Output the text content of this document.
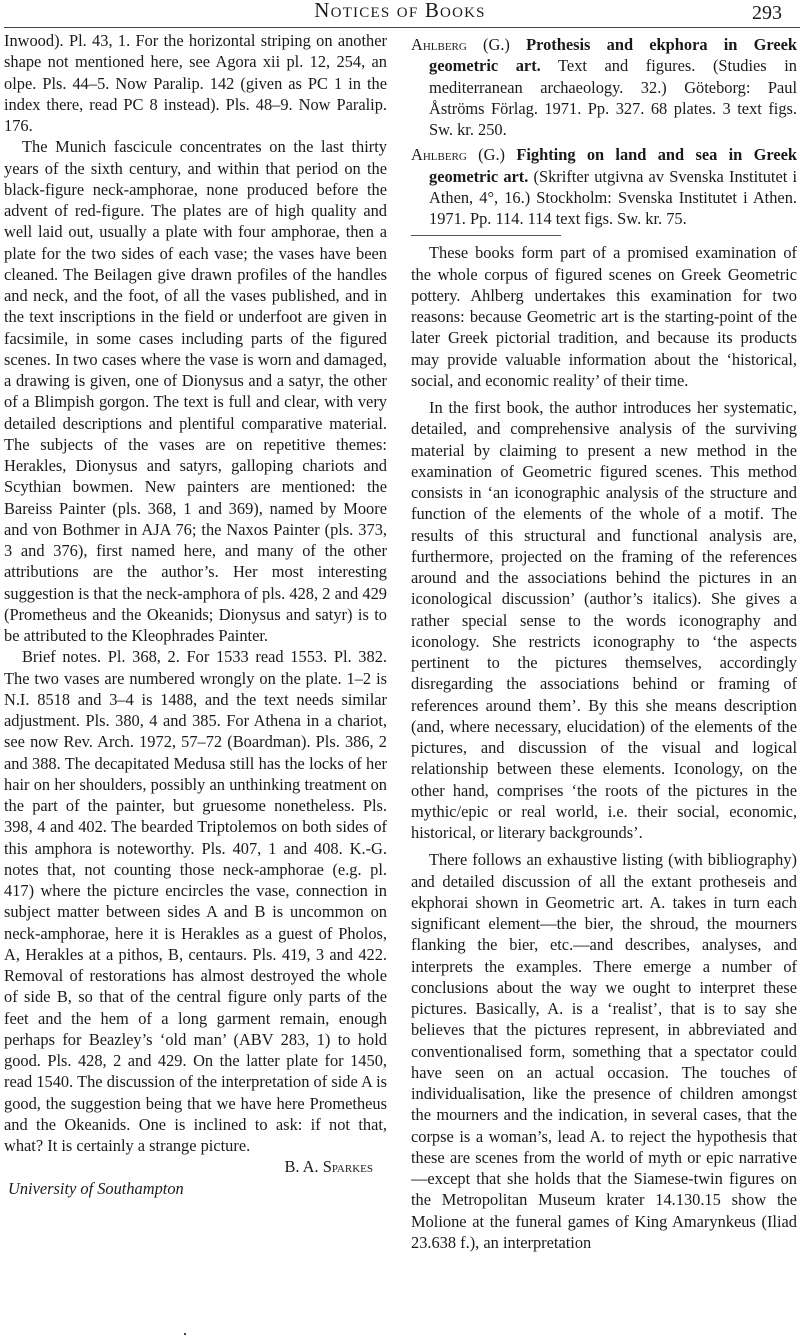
Notices of Books	293

Inwood). Pl. 43, 1. For the horizontal striping on another shape not mentioned here, see Agora xii pl. 12, 254, an olpe. Pls. 44–5. Now Paralip. 142 (given as PC 1 in the index there, read PC 8 instead). Pls. 48–9. Now Paralip. 176.

The Munich fascicule concentrates on the last thirty years of the sixth century, and within that period on the black-figure neck-amphorae, none produced before the advent of red-figure. The plates are of high quality and well laid out, usually a plate with four amphorae, then a plate for the two sides of each vase; the vases have been cleaned. The Beilagen give drawn profiles of the handles and neck, and the foot, of all the vases published, and in the text inscriptions in the field or underfoot are given in facsimile, in some cases including parts of the figured scenes. In two cases where the vase is worn and damaged, a drawing is given, one of Dionysus and a satyr, the other of a Blimpish gorgon. The text is full and clear, with very detailed descriptions and plentiful comparative material. The subjects of the vases are on repetitive themes: Herakles, Dionysus and satyrs, galloping chariots and Scythian bowmen. New painters are mentioned: the Bareiss Painter (pls. 368, 1 and 369), named by Moore and von Bothmer in AJA 76; the Naxos Painter (pls. 373, 3 and 376), first named here, and many of the other attributions are the author’s. Her most interesting suggestion is that the neck-amphora of pls. 428, 2 and 429 (Prometheus and the Okeanids; Dionysus and satyr) is to be attributed to the Kleophrades Painter.

Brief notes. Pl. 368, 2. For 1533 read 1553. Pl. 382. The two vases are numbered wrongly on the plate. 1–2 is N.I. 8518 and 3–4 is 1488, and the text needs similar adjustment. Pls. 380, 4 and 385. For Athena in a chariot, see now Rev. Arch. 1972, 57–72 (Boardman). Pls. 386, 2 and 388. The decapitated Medusa still has the locks of her hair on her shoulders, possibly an unthinking treatment on the part of the painter, but gruesome nonetheless. Pls. 398, 4 and 402. The bearded Triptolemos on both sides of this amphora is noteworthy. Pls. 407, 1 and 408. K.-G. notes that, not counting those neck-amphorae (e.g. pl. 417) where the picture encircles the vase, connection in subject matter between sides A and B is uncommon on neck-amphorae, here it is Herakles as a guest of Pholos, A, Herakles at a pithos, B, centaurs. Pls. 419, 3 and 422. Removal of restorations has almost destroyed the whole of side B, so that of the central figure only parts of the feet and the hem of a long garment remain, enough perhaps for Beazley’s ‘old man’ (ABV 283, 1) to hold good. Pls. 428, 2 and 429. On the latter plate for 1450, read 1540. The discussion of the interpretation of side A is good, the suggestion being that we have here Prometheus and the Okeanids. One is inclined to ask: if not that, what? It is certainly a strange picture.

B. A. Sparkes

University of Southampton

Ahlberg (G.) Prothesis and ekphora in Greek geometric art. Text and figures. (Studies in mediterranean archaeology. 32.) Göteborg: Paul Åströms Förlag. 1971. Pp. 327. 68 plates. 3 text figs. Sw. kr. 250.
Ahlberg (G.) Fighting on land and sea in Greek geometric art. (Skrifter utgivna av Svenska Institutet i Athen, 4°, 16.) Stockholm: Svenska Institutet i Athen. 1971. Pp. 114. 114 text figs. Sw. kr. 75.

These books form part of a promised examination of the whole corpus of figured scenes on Greek Geometric pottery. Ahlberg undertakes this examination for two reasons: because Geometric art is the starting-point of the later Greek pictorial tradition, and because its products may provide valuable information about the ‘historical, social, and economic reality’ of their time.

In the first book, the author introduces her systematic, detailed, and comprehensive analysis of the surviving material by claiming to present a new method in the examination of Geometric figured scenes. This method consists in ‘an iconographic analysis of the structure and function of the elements of the whole of a motif. The results of this structural and functional analysis are, furthermore, projected on the framing of the references around and the associations behind the pictures in an iconological discussion’ (author’s italics). She gives a rather special sense to the words iconography and iconology. She restricts iconography to ‘the aspects pertinent to the pictures themselves, accordingly disregarding the associations behind or framing of references around them’. By this she means description (and, where necessary, elucidation) of the elements of the pictures, and discussion of the visual and logical relationship between these elements. Iconology, on the other hand, comprises ‘the roots of the pictures in the mythic/epic or real world, i.e. their social, economic, historical, or literary backgrounds’.

There follows an exhaustive listing (with bibliography) and detailed discussion of all the extant protheseis and ekphorai shown in Geometric art. A. takes in turn each significant element—the bier, the shroud, the mourners flanking the bier, etc.—and describes, analyses, and interprets the examples. There emerge a number of conclusions about the way we ought to interpret these pictures. Basically, A. is a ‘realist’, that is to say she believes that the pictures represent, in abbreviated and conventionalised form, something that a spectator could have seen on an actual occasion. The touches of individualisation, like the presence of children amongst the mourners and the indication, in several cases, that the corpse is a woman’s, lead A. to reject the hypothesis that these are scenes from the world of myth or epic narrative—except that she holds that the Siamese-twin figures on the Metropolitan Museum krater 14.130.15 show the Molione at the funeral games of King Amarynkeus (Iliad 23.638 f.), an interpretation
